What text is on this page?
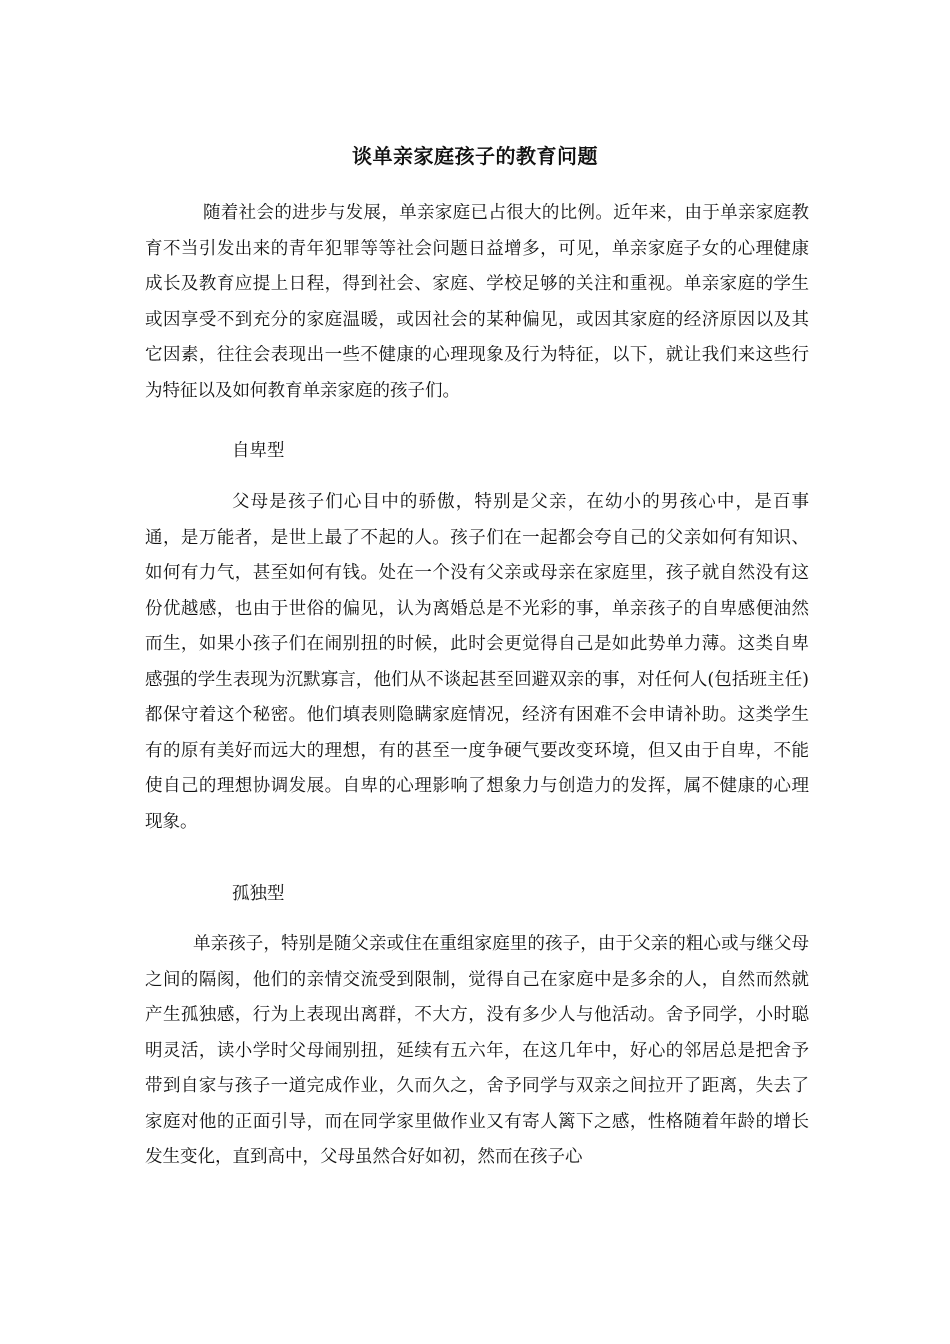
谈单亲家庭孩子的教育问题

随着社会的进步与发展，单亲家庭已占很大的比例。近年来，由于单亲家庭教育不当引发出来的青年犯罪等等社会问题日益增多，可见，单亲家庭子女的心理健康成长及教育应提上日程，得到社会、家庭、学校足够的关注和重视。单亲家庭的学生或因享受不到充分的家庭温暖，或因社会的某种偏见，或因其家庭的经济原因以及其它因素，往往会表现出一些不健康的心理现象及行为特征，以下，就让我们来这些行为特征以及如何教育单亲家庭的孩子们。

自卑型

父母是孩子们心目中的骄傲，特别是父亲，在幼小的男孩心中，是百事通，是万能者，是世上最了不起的人。孩子们在一起都会夸自己的父亲如何有知识、如何有力气，甚至如何有钱。处在一个没有父亲或母亲在家庭里，孩子就自然没有这份优越感，也由于世俗的偏见，认为离婚总是不光彩的事，单亲孩子的自卑感便油然而生，如果小孩子们在闹别扭的时候，此时会更觉得自己是如此势单力薄。这类自卑感强的学生表现为沉默寡言，他们从不谈起甚至回避双亲的事，对任何人(包括班主任)都保守着这个秘密。他们填表则隐瞒家庭情况，经济有困难不会申请补助。这类学生有的原有美好而远大的理想，有的甚至一度争硬气要改变环境，但又由于自卑，不能使自己的理想协调发展。自卑的心理影响了想象力与创造力的发挥，属不健康的心理现象。

孤独型

单亲孩子，特别是随父亲或住在重组家庭里的孩子，由于父亲的粗心或与继父母之间的隔阂，他们的亲情交流受到限制，觉得自己在家庭中是多余的人，自然而然就产生孤独感，行为上表现出离群，不大方，没有多少人与他活动。舍予同学，小时聪明灵活，读小学时父母闹别扭，延续有五六年，在这几年中，好心的邻居总是把舍予带到自家与孩子一道完成作业，久而久之，舍予同学与双亲之间拉开了距离，失去了家庭对他的正面引导，而在同学家里做作业又有寄人篱下之感，性格随着年龄的增长发生变化，直到高中，父母虽然合好如初，然而在孩子心
